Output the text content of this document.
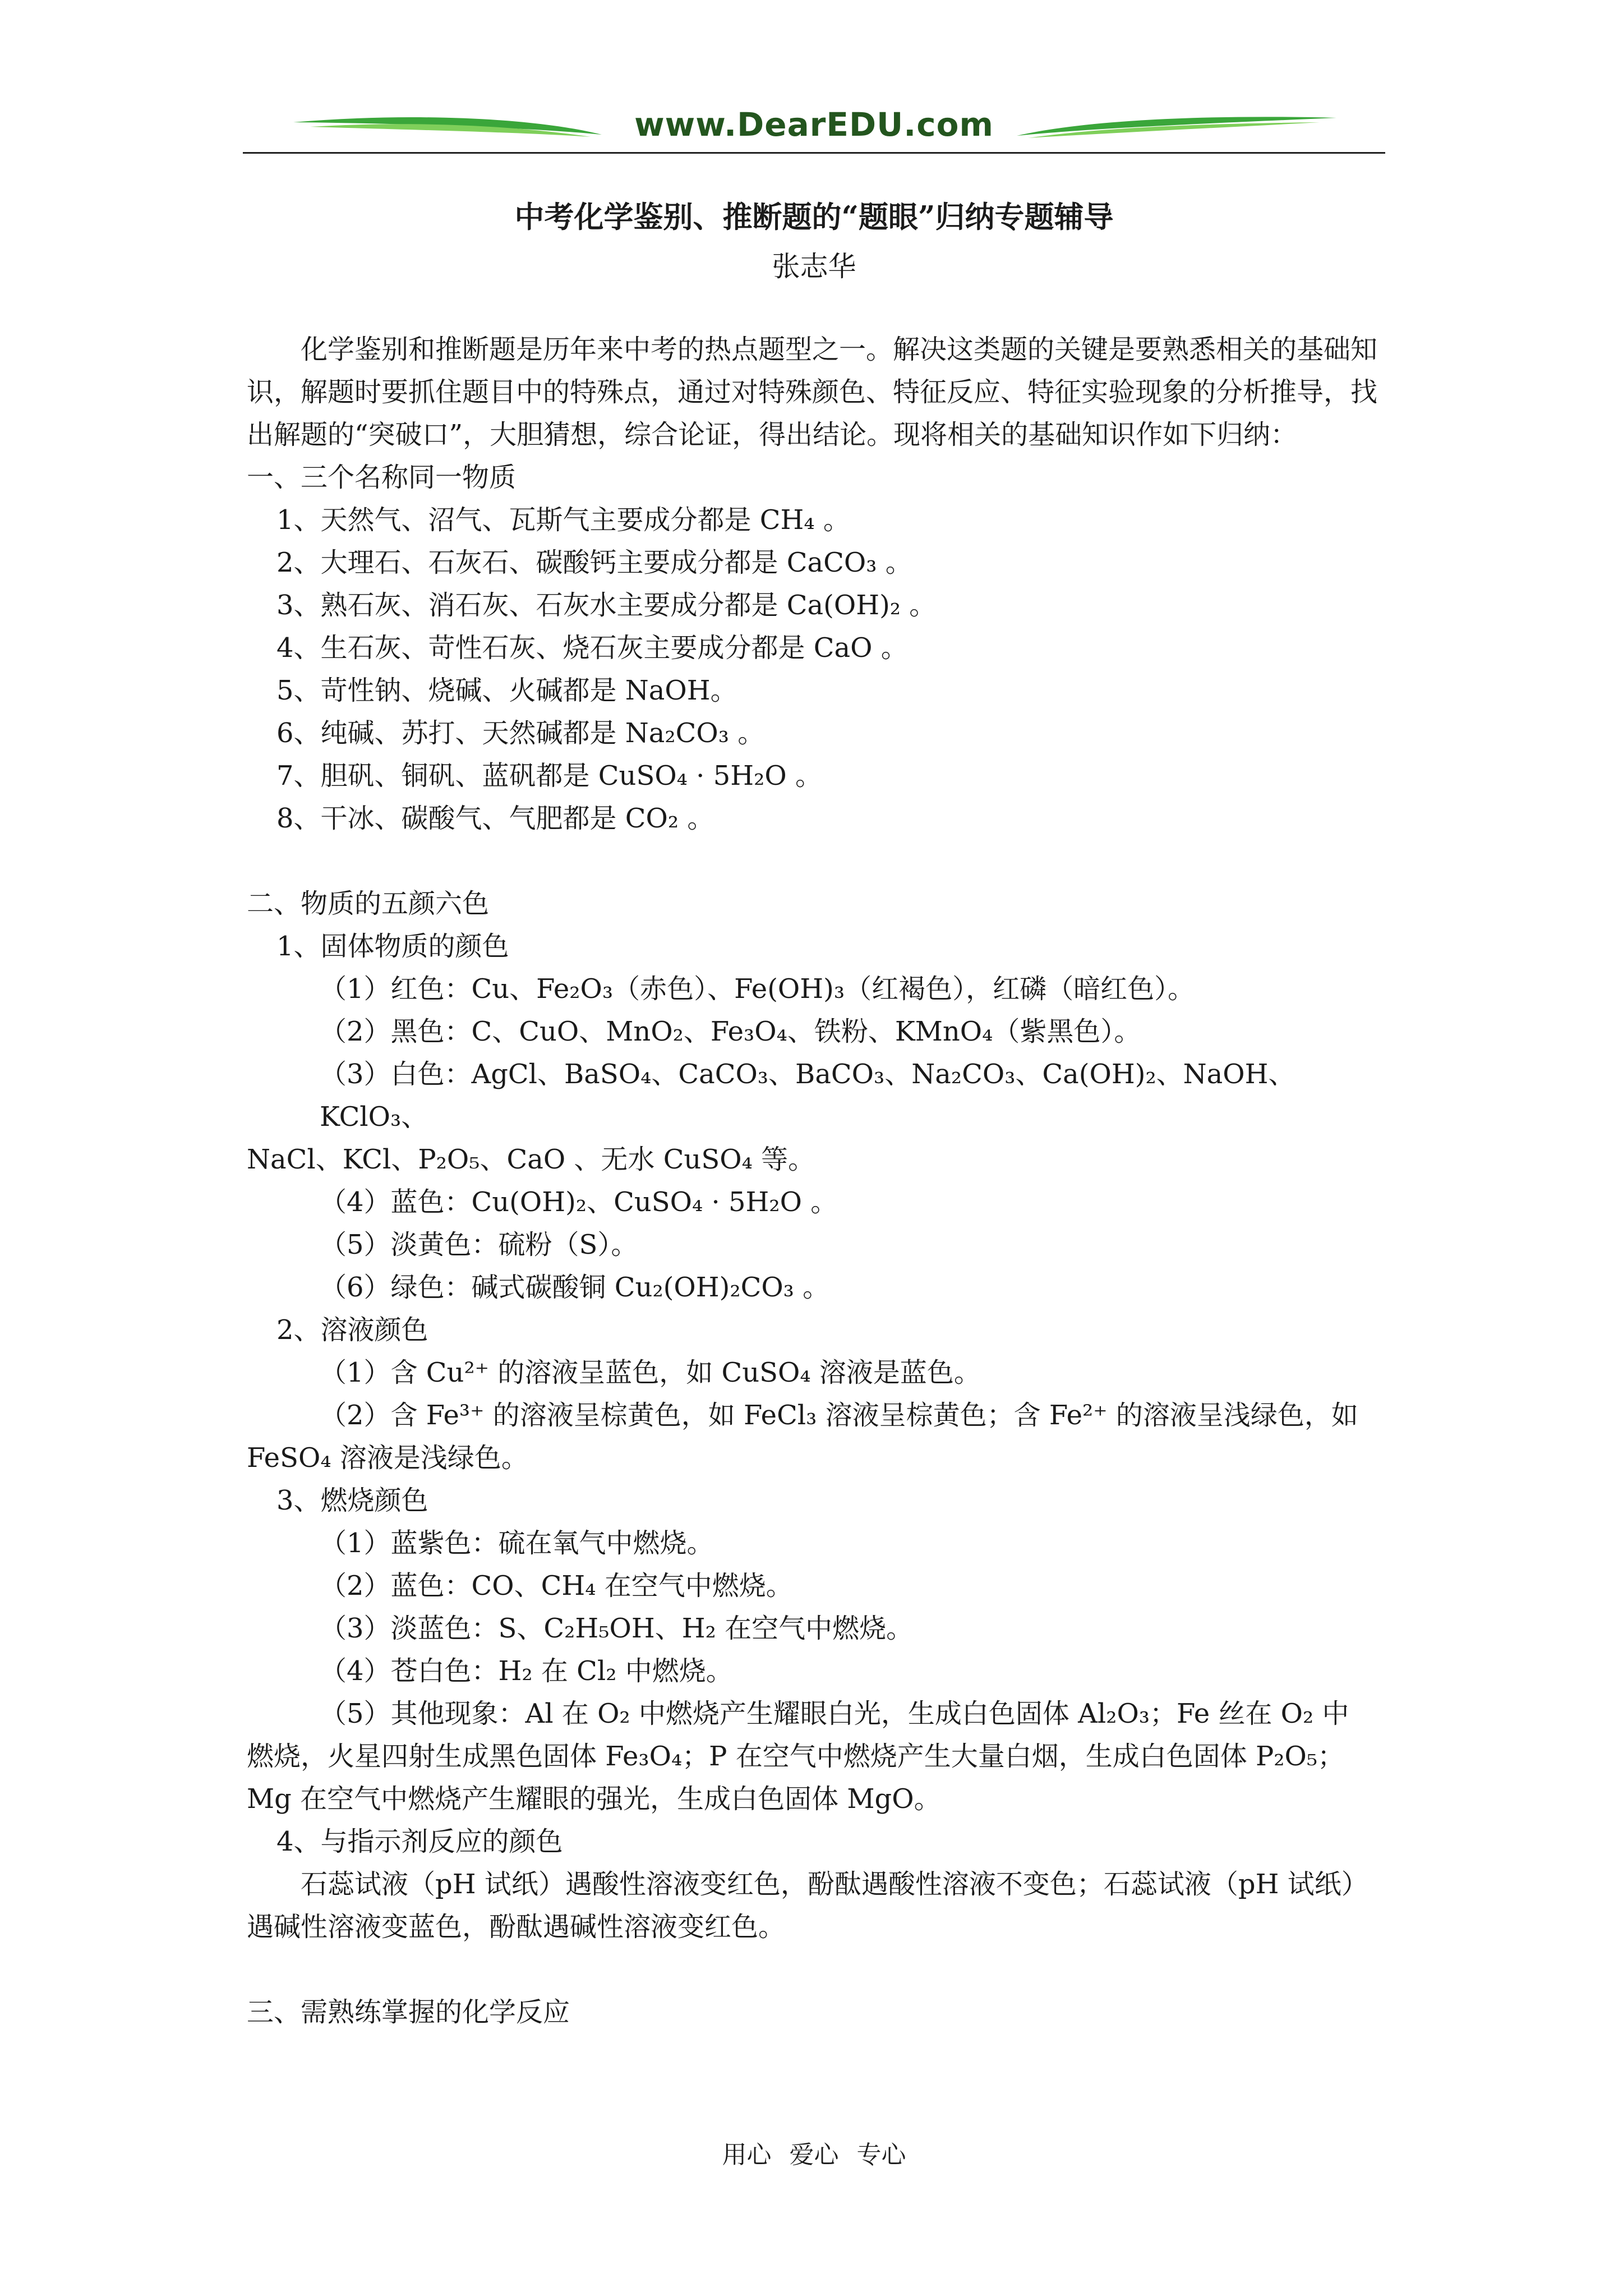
www.DearEDU.com
中考化学鉴别、推断题的“题眼”归纳专题辅导
张志华

化学鉴别和推断题是历年来中考的热点题型之一。解决这类题的关键是要熟悉相关的基础知识，解题时要抓住题目中的特殊点，通过对特殊颜色、特征反应、特征实验现象的分析推导，找出解题的“突破口”，大胆猜想，综合论证，得出结论。现将相关的基础知识作如下归纳：

一、三个名称同一物质

1、天然气、沼气、瓦斯气主要成分都是 CH₄ 。

2、大理石、石灰石、碳酸钙主要成分都是 CaCO₃ 。

3、熟石灰、消石灰、石灰水主要成分都是 Ca(OH)₂ 。

4、生石灰、苛性石灰、烧石灰主要成分都是 CaO 。

5、苛性钠、烧碱、火碱都是 NaOH。

6、纯碱、苏打、天然碱都是 Na₂CO₃ 。

7、胆矾、铜矾、蓝矾都是 CuSO₄ · 5H₂O 。

8、干冰、碳酸气、气肥都是 CO₂ 。

二、物质的五颜六色

1、固体物质的颜色

（1）红色：Cu、Fe₂O₃（赤色）、Fe(OH)₃（红褐色），红磷（暗红色）。

（2）黑色：C、CuO、MnO₂、Fe₃O₄、铁粉、KMnO₄（紫黑色）。

（3）白色：AgCl、BaSO₄、CaCO₃、BaCO₃、Na₂CO₃、Ca(OH)₂、NaOH、KClO₃、

NaCl、KCl、P₂O₅、CaO 、无水 CuSO₄ 等。

（4）蓝色：Cu(OH)₂、CuSO₄ · 5H₂O 。

（5）淡黄色：硫粉（S）。

（6）绿色：碱式碳酸铜 Cu₂(OH)₂CO₃ 。

2、溶液颜色

（1）含 Cu²⁺ 的溶液呈蓝色，如 CuSO₄ 溶液是蓝色。

（2）含 Fe³⁺ 的溶液呈棕黄色，如 FeCl₃ 溶液呈棕黄色；含 Fe²⁺ 的溶液呈浅绿色，如

FeSO₄ 溶液是浅绿色。

3、燃烧颜色

（1）蓝紫色：硫在氧气中燃烧。

（2）蓝色：CO、CH₄ 在空气中燃烧。

（3）淡蓝色：S、C₂H₅OH、H₂ 在空气中燃烧。

（4）苍白色：H₂ 在 Cl₂ 中燃烧。

（5）其他现象：Al 在 O₂ 中燃烧产生耀眼白光，生成白色固体 Al₂O₃；Fe 丝在 O₂ 中

燃烧，火星四射生成黑色固体 Fe₃O₄；P 在空气中燃烧产生大量白烟，生成白色固体 P₂O₅；

Mg 在空气中燃烧产生耀眼的强光，生成白色固体 MgO。

4、与指示剂反应的颜色

石蕊试液（pH 试纸）遇酸性溶液变红色，酚酞遇酸性溶液不变色；石蕊试液（pH 试纸）

遇碱性溶液变蓝色，酚酞遇碱性溶液变红色。

三、需熟练掌握的化学反应

用心 爱心 专心
